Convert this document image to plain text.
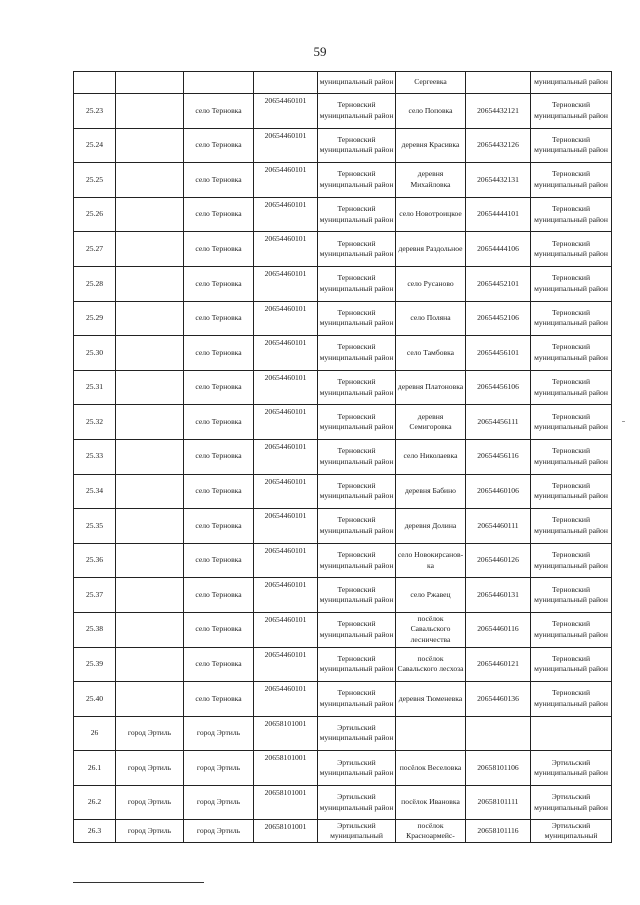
59
				муниципальный район	Сергеевка		муниципальный район
25.23		село Терновка	20654460101	Терновский муниципальный район	село Поповка	20654432121	Терновский муниципальный район
25.24		село Терновка	20654460101	Терновский муниципальный район	деревня Красивка	20654432126	Терновский муниципальный район
25.25		село Терновка	20654460101	Терновский муниципальный район	деревня Михайловка	20654432131	Терновский муниципальный район
25.26		село Терновка	20654460101	Терновский муниципальный район	село Новотроицкое	20654444101	Терновский муниципальный район
25.27		село Терновка	20654460101	Терновский муниципальный район	деревня Раздольное	20654444106	Терновский муниципальный район
25.28		село Терновка	20654460101	Терновский муниципальный район	село Русаново	20654452101	Терновский муниципальный район
25.29		село Терновка	20654460101	Терновский муниципальный район	село Поляна	20654452106	Терновский муниципальный район
25.30		село Терновка	20654460101	Терновский муниципальный район	село Тамбовка	20654456101	Терновский муниципальный район
25.31		село Терновка	20654460101	Терновский муниципальный район	деревня Платоновка	20654456106	Терновский муниципальный район
25.32		село Терновка	20654460101	Терновский муниципальный район	деревня Семигоровка	20654456111	Терновский муниципальный район
25.33		село Терновка	20654460101	Терновский муниципальный район	село Николаевка	20654456116	Терновский муниципальный район
25.34		село Терновка	20654460101	Терновский муниципальный район	деревня Бабино	20654460106	Терновский муниципальный район
25.35		село Терновка	20654460101	Терновский муниципальный район	деревня Долина	20654460111	Терновский муниципальный район
25.36		село Терновка	20654460101	Терновский муниципальный район	село Новокирсанов-ка	20654460126	Терновский муниципальный район
25.37		село Терновка	20654460101	Терновский муниципальный район	село Ржавец	20654460131	Терновский муниципальный район
25.38		село Терновка	20654460101	Терновский муниципальный район	посёлок Савальского лесничества	20654460116	Терновский муниципальный район
25.39		село Терновка	20654460101	Терновский муниципальный район	посёлок Савальского лесхоза	20654460121	Терновский муниципальный район
25.40		село Терновка	20654460101	Терновский муниципальный район	деревня Тюменевка	20654460136	Терновский муниципальный район
26	город Эртиль	город Эртиль	20658101001	Эртильский муниципальный район			
26.1	город Эртиль	город Эртиль	20658101001	Эртильский муниципальный район	посёлок Веселовка	20658101106	Эртильский муниципальный район
26.2	город Эртиль	город Эртиль	20658101001	Эртильский муниципальный район	посёлок Ивановка	20658101111	Эртильский муниципальный район
26.3	город Эртиль	город Эртиль	20658101001	Эртильский муниципальный	посёлок Красноармейс-	20658101116	Эртильский муниципальный
